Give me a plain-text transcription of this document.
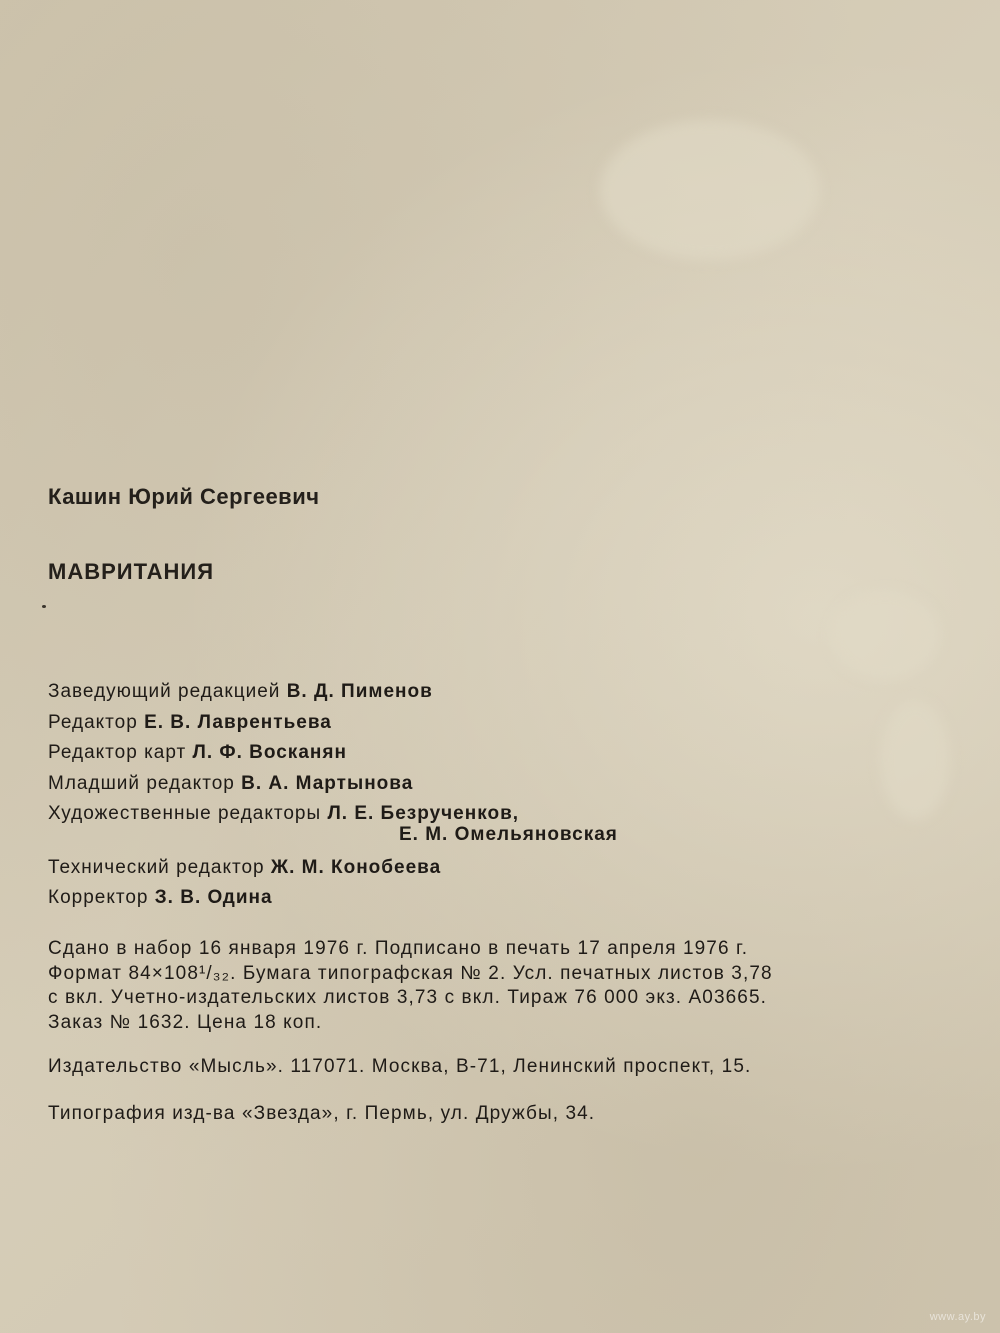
Кашин Юрий Сергеевич
МАВРИТАНИЯ
Заведующий редакцией В. Д. Пименов
Редактор Е. В. Лаврентьева
Редактор карт Л. Ф. Восканян
Младший редактор В. А. Мартынова
Художественные редакторы Л. Е. Безрученков,
Е. М. Омельяновская
Технический редактор Ж. М. Конобеева
Корректор З. В. Одина
Сдано в набор 16 января 1976 г. Подписано в печать 17 апреля 1976 г.
Формат 84×108¹/₃₂. Бумага типографская № 2. Усл. печатных листов 3,78
с вкл. Учетно-издательских листов 3,73 с вкл. Тираж 76 000 экз. А03665.
Заказ № 1632. Цена 18 коп.
Издательство «Мысль». 117071. Москва, В-71, Ленинский проспект, 15.
Типография изд-ва «Звезда», г. Пермь, ул. Дружбы, 34.
www.ay.by
